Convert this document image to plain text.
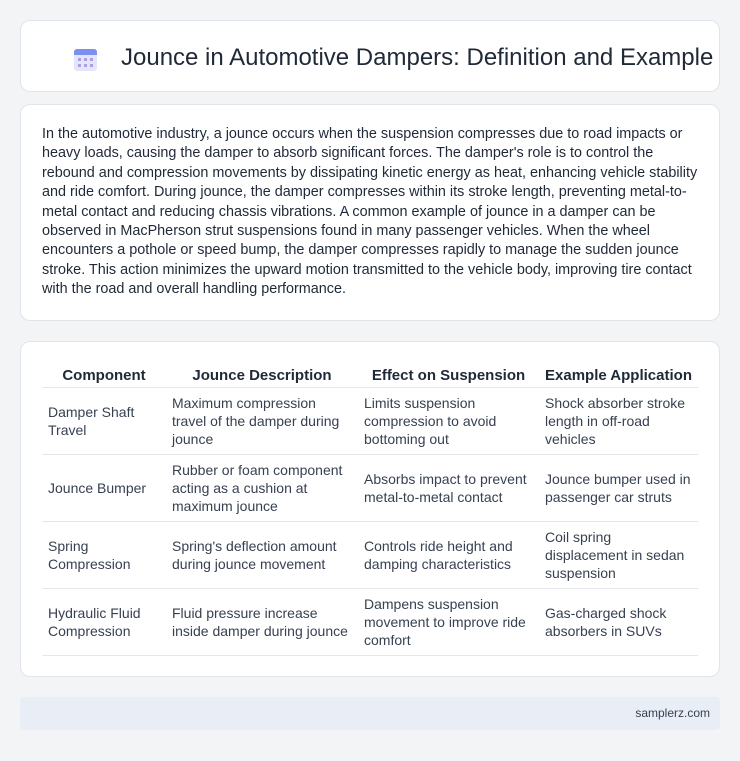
Jounce in Automotive Dampers: Definition and Example

In the automotive industry, a jounce occurs when the suspension compresses due to road impacts or heavy loads, causing the damper to absorb significant forces. The damper's role is to control the rebound and compression movements by dissipating kinetic energy as heat, enhancing vehicle stability and ride comfort. During jounce, the damper compresses within its stroke length, preventing metal-to-metal contact and reducing chassis vibrations. A common example of jounce in a damper can be observed in MacPherson strut suspensions found in many passenger vehicles. When the wheel encounters a pothole or speed bump, the damper compresses rapidly to manage the sudden jounce stroke. This action minimizes the upward motion transmitted to the vehicle body, improving tire contact with the road and overall handling performance.

Component	Jounce Description	Effect on Suspension	Example Application
Damper Shaft Travel	Maximum compression travel of the damper during jounce	Limits suspension compression to avoid bottoming out	Shock absorber stroke length in off-road vehicles
Jounce Bumper	Rubber or foam component acting as a cushion at maximum jounce	Absorbs impact to prevent metal-to-metal contact	Jounce bumper used in passenger car struts
Spring Compression	Spring's deflection amount during jounce movement	Controls ride height and damping characteristics	Coil spring displacement in sedan suspension
Hydraulic Fluid Compression	Fluid pressure increase inside damper during jounce	Dampens suspension movement to improve ride comfort	Gas-charged shock absorbers in SUVs
samplerz.com
